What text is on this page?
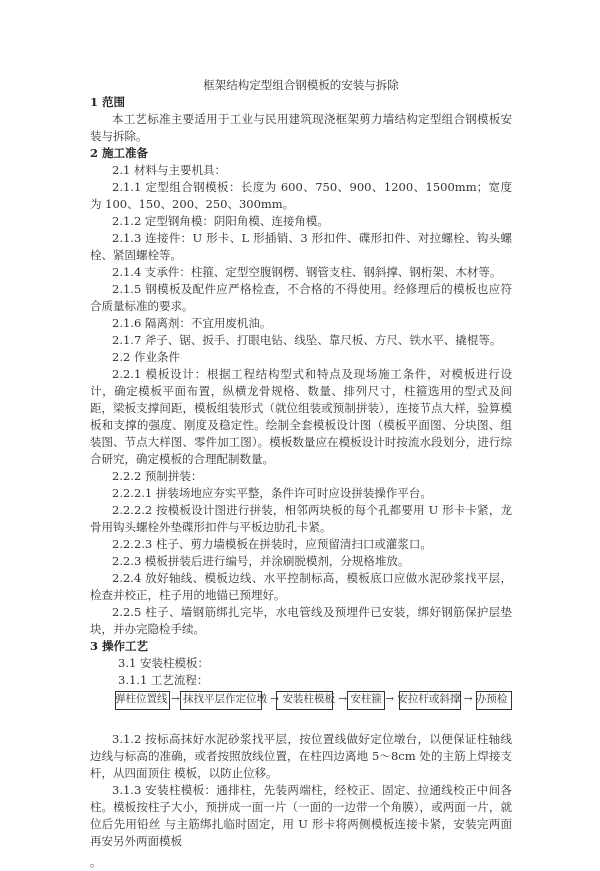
框架结构定型组合钢模板的安装与拆除
1 范围
本工艺标准主要适用于工业与民用建筑现浇框架剪力墙结构定型组合钢模板安装与拆除。
2 施工准备
2.1 材料与主要机具：
2.1.1 定型组合钢模板：长度为 600、750、900、1200、1500mm；宽度为 100、150、200、250、300mm。
2.1.2 定型钢角模：阴阳角模、连接角模。
2.1.3 连接件：U 形卡、L 形插销、3 形扣件、碟形扣件、对拉螺栓、钩头螺栓、紧固螺栓等。
2.1.4 支承件：柱箍、定型空腹钢楞、钢管支柱、钢斜撑、钢桁架、木材等。
2.1.5 钢模板及配件应严格检查，不合格的不得使用。经修理后的模板也应符合质量标准的要求。
2.1.6 隔离剂：不宜用废机油。
2.1.7 斧子、锯、扳手、打眼电钻、线坠、靠尺板、方尺、铁水平、撬棍等。
2.2 作业条件
2.2.1 模板设计：根据工程结构型式和特点及现场施工条件，对模板进行设计，确定模板平面布置，纵横龙骨规格、数量、排列尺寸，柱箍选用的型式及间距，梁板支撑间距，模板组装形式（就位组装或预制拼装），连接节点大样，验算模板和支撑的强度、刚度及稳定性。绘制全套模板设计图（模板平面图、分块图、组装图、节点大样图、零件加工图）。模板数量应在模板设计时按流水段划分，进行综合研究，确定模板的合理配制数量。
2.2.2 预制拼装：
2.2.2.1 拼装场地应夯实平整，条件许可时应设拼装操作平台。
2.2.2.2 按模板设计图进行拼装，相邻两块板的每个孔都要用 U 形卡卡紧，龙骨用钩头螺栓外垫碟形扣件与平板边肋孔卡紧。
2.2.2.3 柱子、剪力墙模板在拼装时，应预留清扫口或灌浆口。
2.2.3 模板拼装后进行编号，并涂刷脱模剂，分规格堆放。
2.2.4 放好轴线、模板边线、水平控制标高，模板底口应做水泥砂浆找平层，检查并校正，柱子用的地锚已预埋好。
2.2.5 柱子、墙钢筋绑扎完毕，水电管线及预埋件已安装，绑好钢筋保护层垫块，并办完隐检手续。
3 操作工艺
3.1 安装柱模板：
3.1.1 工艺流程：
弹柱位置线 → 抹找平层作定位墩 → 安装柱模板 → 安柱箍 → 安拉杆或斜撑 → 办预检
3.1.2 按标高抹好水泥砂浆找平层，按位置线做好定位墩台，以便保证柱轴线边线与标高的准确，或者按照放线位置，在柱四边离地 5～8cm 处的主筋上焊接支杆，从四面顶住 模板，以防止位移。
3.1.3 安装柱模板：通排柱，先装两端柱，经校正、固定、拉通线校正中间各柱。模板按柱子大小，预拼成一面一片（一面的一边带一个角膜），或两面一片，就位后先用铅丝 与主筋绑扎临时固定，用 U 形卡将两侧模板连接卡紧，安装完两面再安另外两面模板
。
